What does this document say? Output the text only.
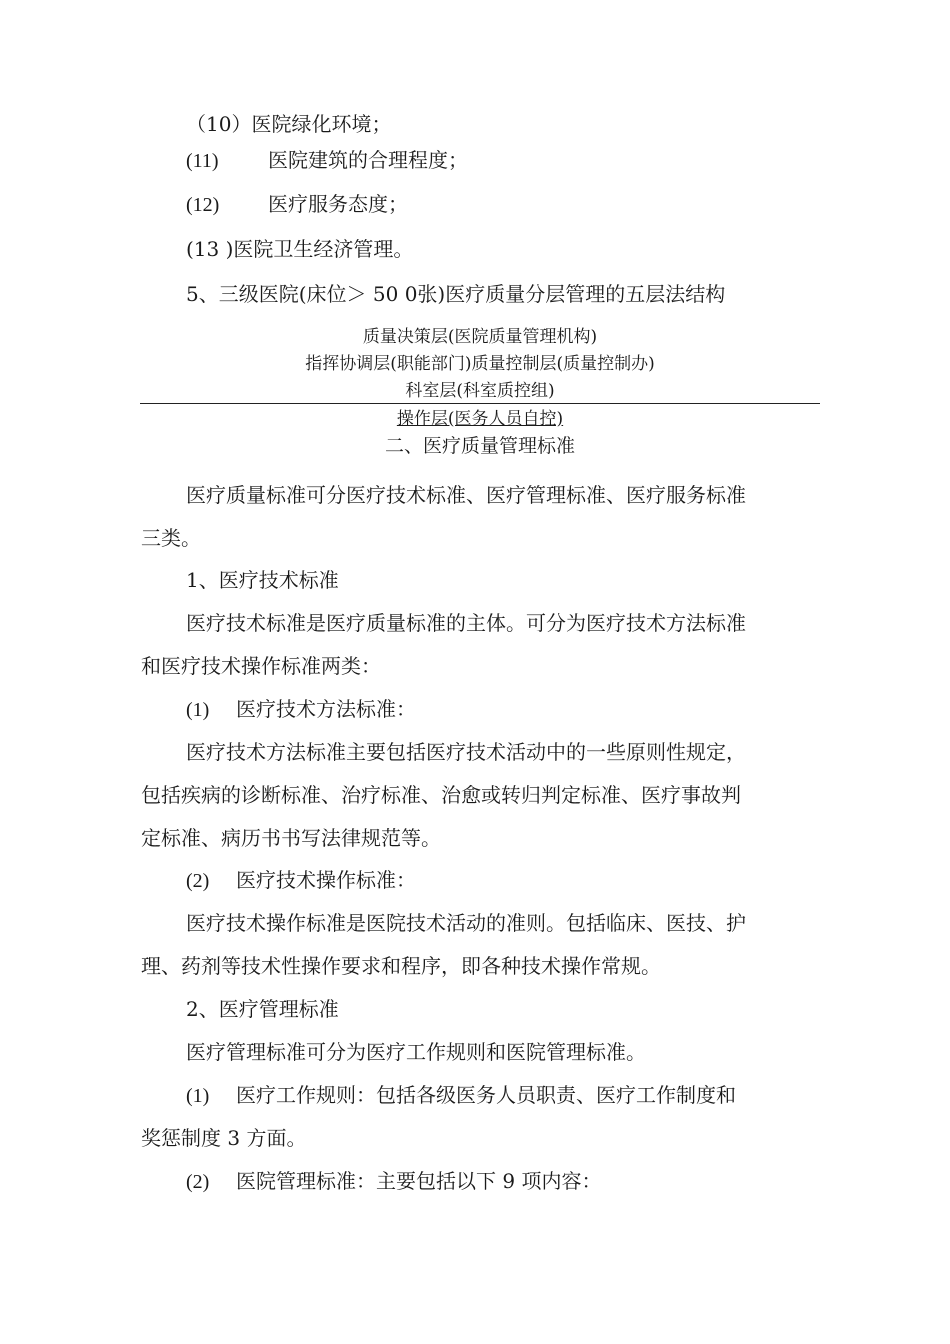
（10）医院绿化环境；
(11) 医院建筑的合理程度；
(12) 医疗服务态度；
(13 )医院卫生经济管理。
5、三级医院(床位＞ 50 0张)医疗质量分层管理的五层法结构
质量决策层(医院质量管理机构)
指挥协调层(职能部门)质量控制层(质量控制办)
科室层(科室质控组)
操作层(医务人员自控)
二、医疗质量管理标准
医疗质量标准可分医疗技术标准、医疗管理标准、医疗服务标准
三类。
1、医疗技术标准
医疗技术标准是医疗质量标准的主体。可分为医疗技术方法标准
和医疗技术操作标准两类：
(1) 医疗技术方法标准：
医疗技术方法标准主要包括医疗技术活动中的一些原则性规定，
包括疾病的诊断标准、治疗标准、治愈或转归判定标准、医疗事故判
定标准、病历书书写法律规范等。
(2) 医疗技术操作标准：
医疗技术操作标准是医院技术活动的准则。包括临床、医技、护
理、药剂等技术性操作要求和程序，即各种技术操作常规。
2、医疗管理标准
医疗管理标准可分为医疗工作规则和医院管理标准。
(1) 医疗工作规则：包括各级医务人员职责、医疗工作制度和
奖惩制度 3 方面。
(2) 医院管理标准：主要包括以下 9 项内容：
